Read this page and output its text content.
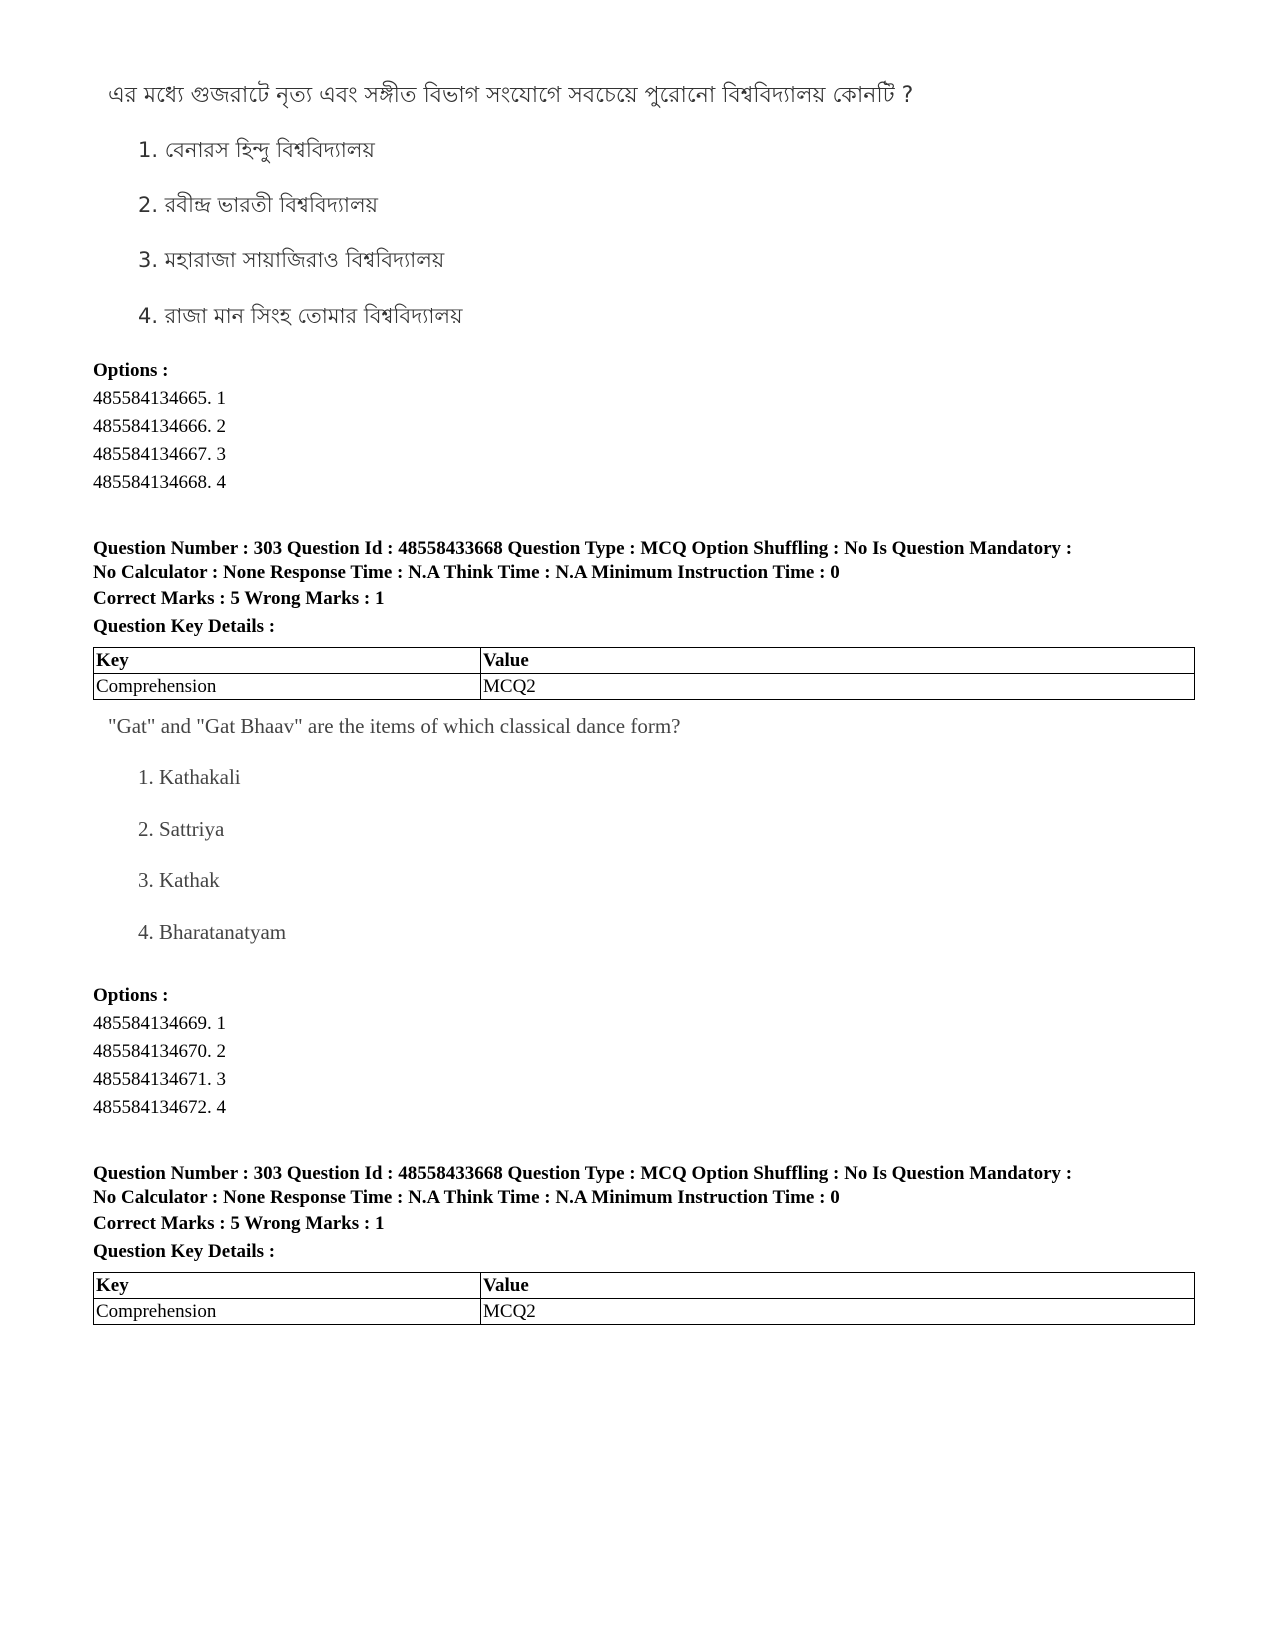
এর মধ্যে গুজরাটে নৃত্য এবং সঙ্গীত বিভাগ সংযোগে সবচেয়ে পুরোনো বিশ্ববিদ্যালয় কোনটি ?

1. বেনারস হিন্দু বিশ্ববিদ্যালয়

2. রবীন্দ্র ভারতী বিশ্ববিদ্যালয়

3. মহারাজা সায়াজিরাও বিশ্ববিদ্যালয়

4. রাজা মান সিংহ তোমার বিশ্ববিদ্যালয়

Options :

485584134665. 1

485584134666. 2

485584134667. 3

485584134668. 4

Question Number : 303 Question Id : 48558433668 Question Type : MCQ Option Shuffling : No Is Question Mandatory :

No Calculator : None Response Time : N.A Think Time : N.A Minimum Instruction Time : 0

Correct Marks : 5 Wrong Marks : 1

Question Key Details :

Key	Value
Comprehension	MCQ2

"Gat" and "Gat Bhaav" are the items of which classical dance form?

1. Kathakali

2. Sattriya

3. Kathak

4. Bharatanatyam

Options :

485584134669. 1

485584134670. 2

485584134671. 3

485584134672. 4

Question Number : 303 Question Id : 48558433668 Question Type : MCQ Option Shuffling : No Is Question Mandatory :

No Calculator : None Response Time : N.A Think Time : N.A Minimum Instruction Time : 0

Correct Marks : 5 Wrong Marks : 1

Question Key Details :

Key	Value
Comprehension	MCQ2
